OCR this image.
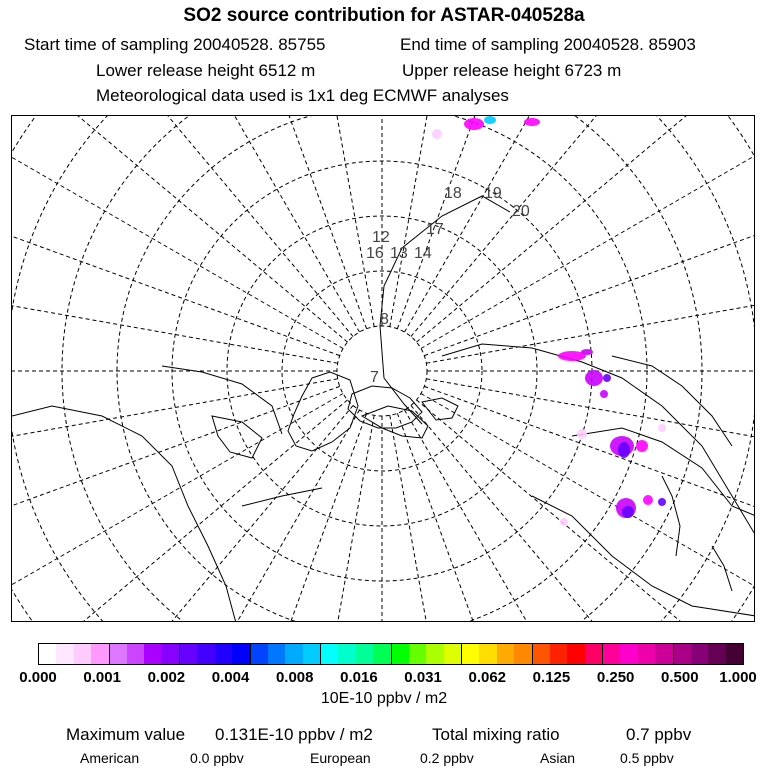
SO2 source contribution for ASTAR-040528a
Start time of sampling 20040528. 85755	End time of sampling 20040528. 85903
Lower release height 6512 m	Upper release height 6723 m
Meteorological data used is 1x1 deg ECMWF analyses
18 19
20
12 17
16 13 14
8
7
0.000 0.001 0.002 0.004 0.008 0.016 0.031 0.062 0.125 0.250 0.500 1.000
10E-10 ppbv / m2
Maximum value 0.131E-10 ppbv / m2	Total mixing ratio	0.7 ppbv
American	0.0 ppbv	European	0.2 ppbv	Asian	0.5 ppbv
